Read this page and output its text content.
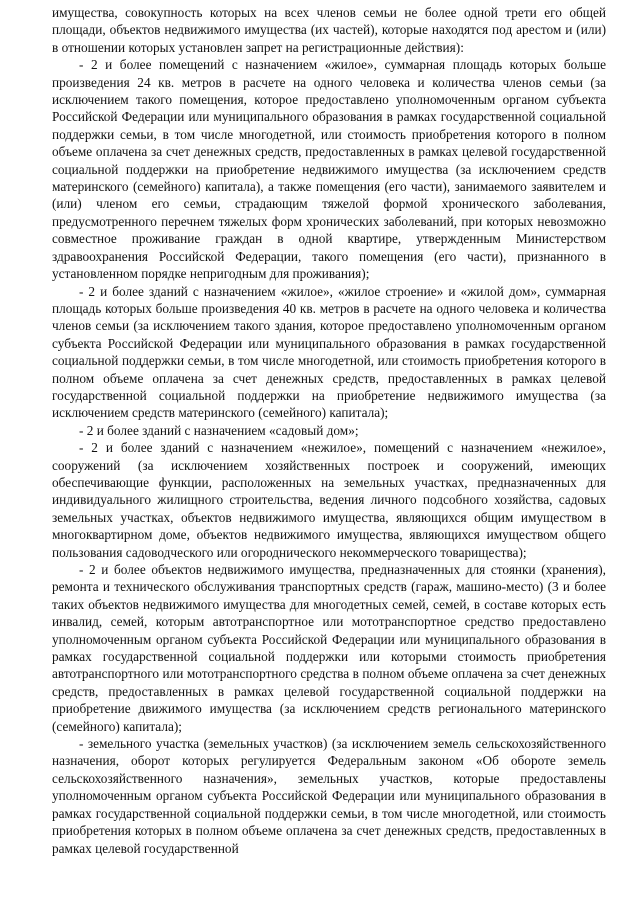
имущества, совокупность которых на всех членов семьи не более одной трети его общей площади, объектов недвижимого имущества (их частей), которые находятся под арестом и (или) в отношении которых установлен запрет на регистрационные действия):

- 2 и более помещений с назначением «жилое», суммарная площадь которых больше произведения 24 кв. метров в расчете на одного человека и количества членов семьи (за исключением такого помещения, которое предоставлено уполномоченным органом субъекта Российской Федерации или муниципального образования в рамках государственной социальной поддержки семьи, в том числе многодетной, или стоимость приобретения которого в полном объеме оплачена за счет денежных средств, предоставленных в рамках целевой государственной социальной поддержки на приобретение недвижимого имущества (за исключением средств материнского (семейного) капитала), а также помещения (его части), занимаемого заявителем и (или) членом его семьи, страдающим тяжелой формой хронического заболевания, предусмотренного перечнем тяжелых форм хронических заболеваний, при которых невозможно совместное проживание граждан в одной квартире, утвержденным Министерством здравоохранения Российской Федерации, такого помещения (его части), признанного в установленном порядке непригодным для проживания);

- 2 и более зданий с назначением «жилое», «жилое строение» и «жилой дом», суммарная площадь которых больше произведения 40 кв. метров в расчете на одного человека и количества членов семьи (за исключением такого здания, которое предоставлено уполномоченным органом субъекта Российской Федерации или муниципального образования в рамках государственной социальной поддержки семьи, в том числе многодетной, или стоимость приобретения которого в полном объеме оплачена за счет денежных средств, предоставленных в рамках целевой государственной социальной поддержки на приобретение недвижимого имущества (за исключением средств материнского (семейного) капитала);

- 2 и более зданий с назначением «садовый дом»;

- 2 и более зданий с назначением «нежилое», помещений с назначением «нежилое», сооружений (за исключением хозяйственных построек и сооружений, имеющих обеспечивающие функции, расположенных на земельных участках, предназначенных для индивидуального жилищного строительства, ведения личного подсобного хозяйства, садовых земельных участках, объектов недвижимого имущества, являющихся общим имуществом в многоквартирном доме, объектов недвижимого имущества, являющихся имуществом общего пользования садоводческого или огороднического некоммерческого товарищества);

- 2 и более объектов недвижимого имущества, предназначенных для стоянки (хранения), ремонта и технического обслуживания транспортных средств (гараж, машино-место) (3 и более таких объектов недвижимого имущества для многодетных семей, семей, в составе которых есть инвалид, семей, которым автотранспортное или мототранспортное средство предоставлено уполномоченным органом субъекта Российской Федерации или муниципального образования в рамках государственной социальной поддержки или которыми стоимость приобретения автотранспортного или мототранспортного средства в полном объеме оплачена за счет денежных средств, предоставленных в рамках целевой государственной социальной поддержки на приобретение движимого имущества (за исключением средств регионального материнского (семейного) капитала);

- земельного участка (земельных участков) (за исключением земель сельскохозяйственного назначения, оборот которых регулируется Федеральным законом «Об обороте земель сельскохозяйственного назначения», земельных участков, которые предоставлены уполномоченным органом субъекта Российской Федерации или муниципального образования в рамках государственной социальной поддержки семьи, в том числе многодетной, или стоимость приобретения которых в полном объеме оплачена за счет денежных средств, предоставленных в рамках целевой государственной
